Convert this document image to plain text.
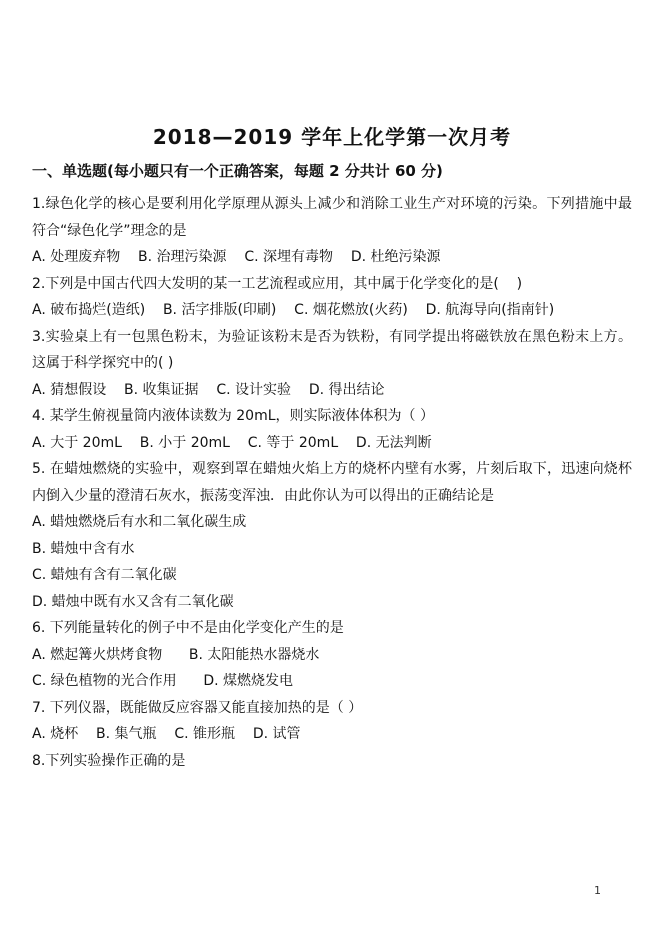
2018—2019 学年上化学第一次月考
一、单选题(每小题只有一个正确答案，每题 2 分共计 60 分)

1.绿色化学的核心是要利用化学原理从源头上减少和消除工业生产对环境的污染。下列措施中最符合“绿色化学”理念的是

A. 处理废弃物    B. 治理污染源    C. 深埋有毒物    D. 杜绝污染源

2.下列是中国古代四大发明的某一工艺流程或应用，其中属于化学变化的是(    )

A. 破布捣烂(造纸)    B. 活字排版(印刷)    C. 烟花燃放(火药)    D. 航海导向(指南针)

3.实验桌上有一包黑色粉末，为验证该粉末是否为铁粉，有同学提出将磁铁放在黑色粉末上方。这属于科学探究中的( )

A. 猜想假设    B. 收集证据    C. 设计实验    D. 得出结论

4. 某学生俯视量筒内液体读数为 20mL，则实际液体体积为（ ）

A. 大于 20mL    B. 小于 20mL    C. 等于 20mL    D. 无法判断

5. 在蜡烛燃烧的实验中，观察到罩在蜡烛火焰上方的烧杯内壁有水雾，片刻后取下，迅速向烧杯内倒入少量的澄清石灰水，振荡变浑浊．由此你认为可以得出的正确结论是

A. 蜡烛燃烧后有水和二氧化碳生成

B. 蜡烛中含有水

C. 蜡烛有含有二氧化碳

D. 蜡烛中既有水又含有二氧化碳

6. 下列能量转化的例子中不是由化学变化产生的是

A. 燃起篝火烘烤食物      B. 太阳能热水器烧水

C. 绿色植物的光合作用      D. 煤燃烧发电

7. 下列仪器，既能做反应容器又能直接加热的是（ ）

A. 烧杯    B. 集气瓶    C. 锥形瓶    D. 试管

8.下列实验操作正确的是

1
